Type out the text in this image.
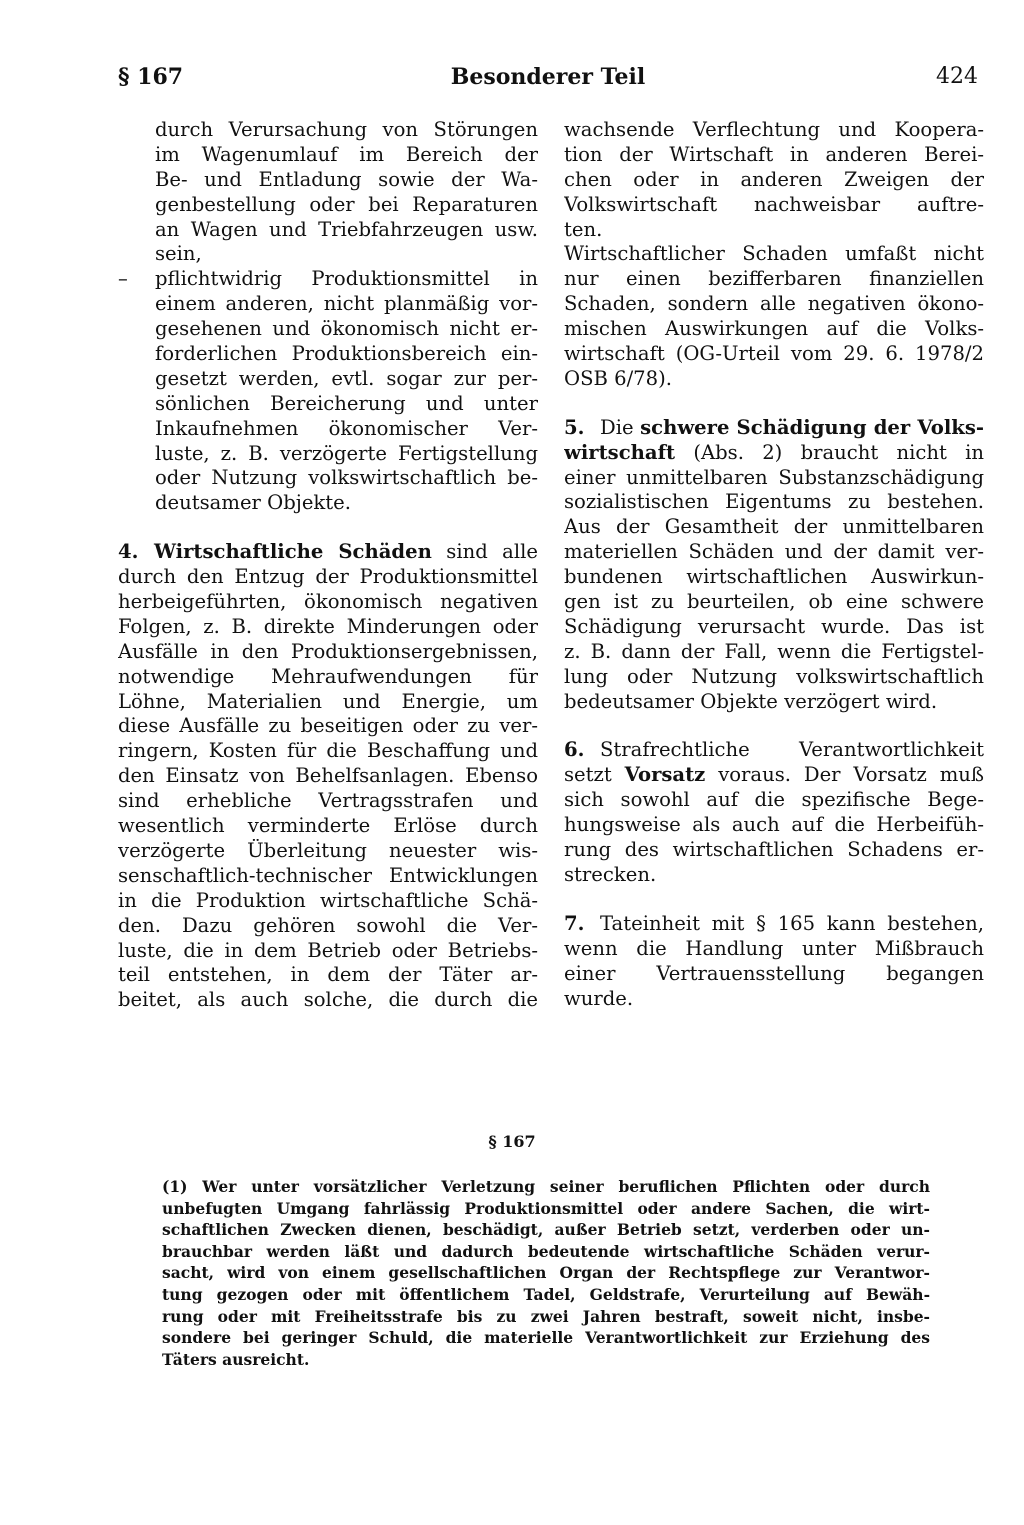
§ 167	Besonderer Teil	424
durch Verursachung von Störungen
im Wagenumlauf im Bereich der
Be- und Entladung sowie der Wa-
genbestellung oder bei Reparaturen
an Wagen und Triebfahrzeugen usw.
sein,
– pflichtwidrig Produktionsmittel in
einem anderen, nicht planmäßig vor-
gesehenen und ökonomisch nicht er-
forderlichen Produktionsbereich ein-
gesetzt werden, evtl. sogar zur per-
sönlichen Bereicherung und unter
Inkaufnehmen ökonomischer Ver-
luste, z. B. verzögerte Fertigstellung
oder Nutzung volkswirtschaftlich be-
deutsamer Objekte.
4. Wirtschaftliche Schäden sind alle
durch den Entzug der Produktionsmittel
herbeigeführten, ökonomisch negativen
Folgen, z. B. direkte Minderungen oder
Ausfälle in den Produktionsergebnissen,
notwendige Mehraufwendungen für
Löhne, Materialien und Energie, um
diese Ausfälle zu beseitigen oder zu ver-
ringern, Kosten für die Beschaffung und
den Einsatz von Behelfsanlagen. Ebenso
sind erhebliche Vertragsstrafen und
wesentlich verminderte Erlöse durch
verzögerte Überleitung neuester wis-
senschaftlich-technischer Entwicklungen
in die Produktion wirtschaftliche Schä-
den. Dazu gehören sowohl die Ver-
luste, die in dem Betrieb oder Betriebs-
teil entstehen, in dem der Täter ar-
beitet, als auch solche, die durch die
wachsende Verflechtung und Kooperа-
tion der Wirtschaft in anderen Berei-
chen oder in anderen Zweigen der
Volkswirtschaft nachweisbar auftre-
ten.
Wirtschaftlicher Schaden umfaßt nicht
nur einen bezifferbaren finanziellen
Schaden, sondern alle negativen ökono-
mischen Auswirkungen auf die Volks-
wirtschaft (OG-Urteil vom 29. 6. 1978/2
OSB 6/78).
5. Die schwere Schädigung der Volks-
wirtschaft (Abs. 2) braucht nicht in
einer unmittelbaren Substanzschädigung
sozialistischen Eigentums zu bestehen.
Aus der Gesamtheit der unmittelbaren
materiellen Schäden und der damit ver-
bundenen wirtschaftlichen Auswirkun-
gen ist zu beurteilen, ob eine schwere
Schädigung verursacht wurde. Das ist
z. B. dann der Fall, wenn die Fertigstel-
lung oder Nutzung volkswirtschaftlich
bedeutsamer Objekte verzögert wird.
6. Strafrechtliche Verantwortlichkeit
setzt Vorsatz voraus. Der Vorsatz muß
sich sowohl auf die spezifische Bege-
hungsweise als auch auf die Herbeifüh-
rung des wirtschaftlichen Schadens er-
strecken.
7. Tateinheit mit § 165 kann bestehen,
wenn die Handlung unter Mißbrauch
einer Vertrauensstellung begangen
wurde.
§ 167
(1) Wer unter vorsätzlicher Verletzung seiner beruflichen Pflichten oder durch
unbefugten Umgang fahrlässig Produktionsmittel oder andere Sachen, die wirt-
schaftlichen Zwecken dienen, beschädigt, außer Betrieb setzt, verderben oder un-
brauchbar werden läßt und dadurch bedeutende wirtschaftliche Schäden verur-
sacht, wird von einem gesellschaftlichen Organ der Rechtspflege zur Verantwor-
tung gezogen oder mit öffentlichem Tadel, Geldstrafe, Verurteilung auf Bewäh-
rung oder mit Freiheitsstrafe bis zu zwei Jahren bestraft, soweit nicht, insbe-
sondere bei geringer Schuld, die materielle Verantwortlichkeit zur Erziehung des
Täters ausreicht.
